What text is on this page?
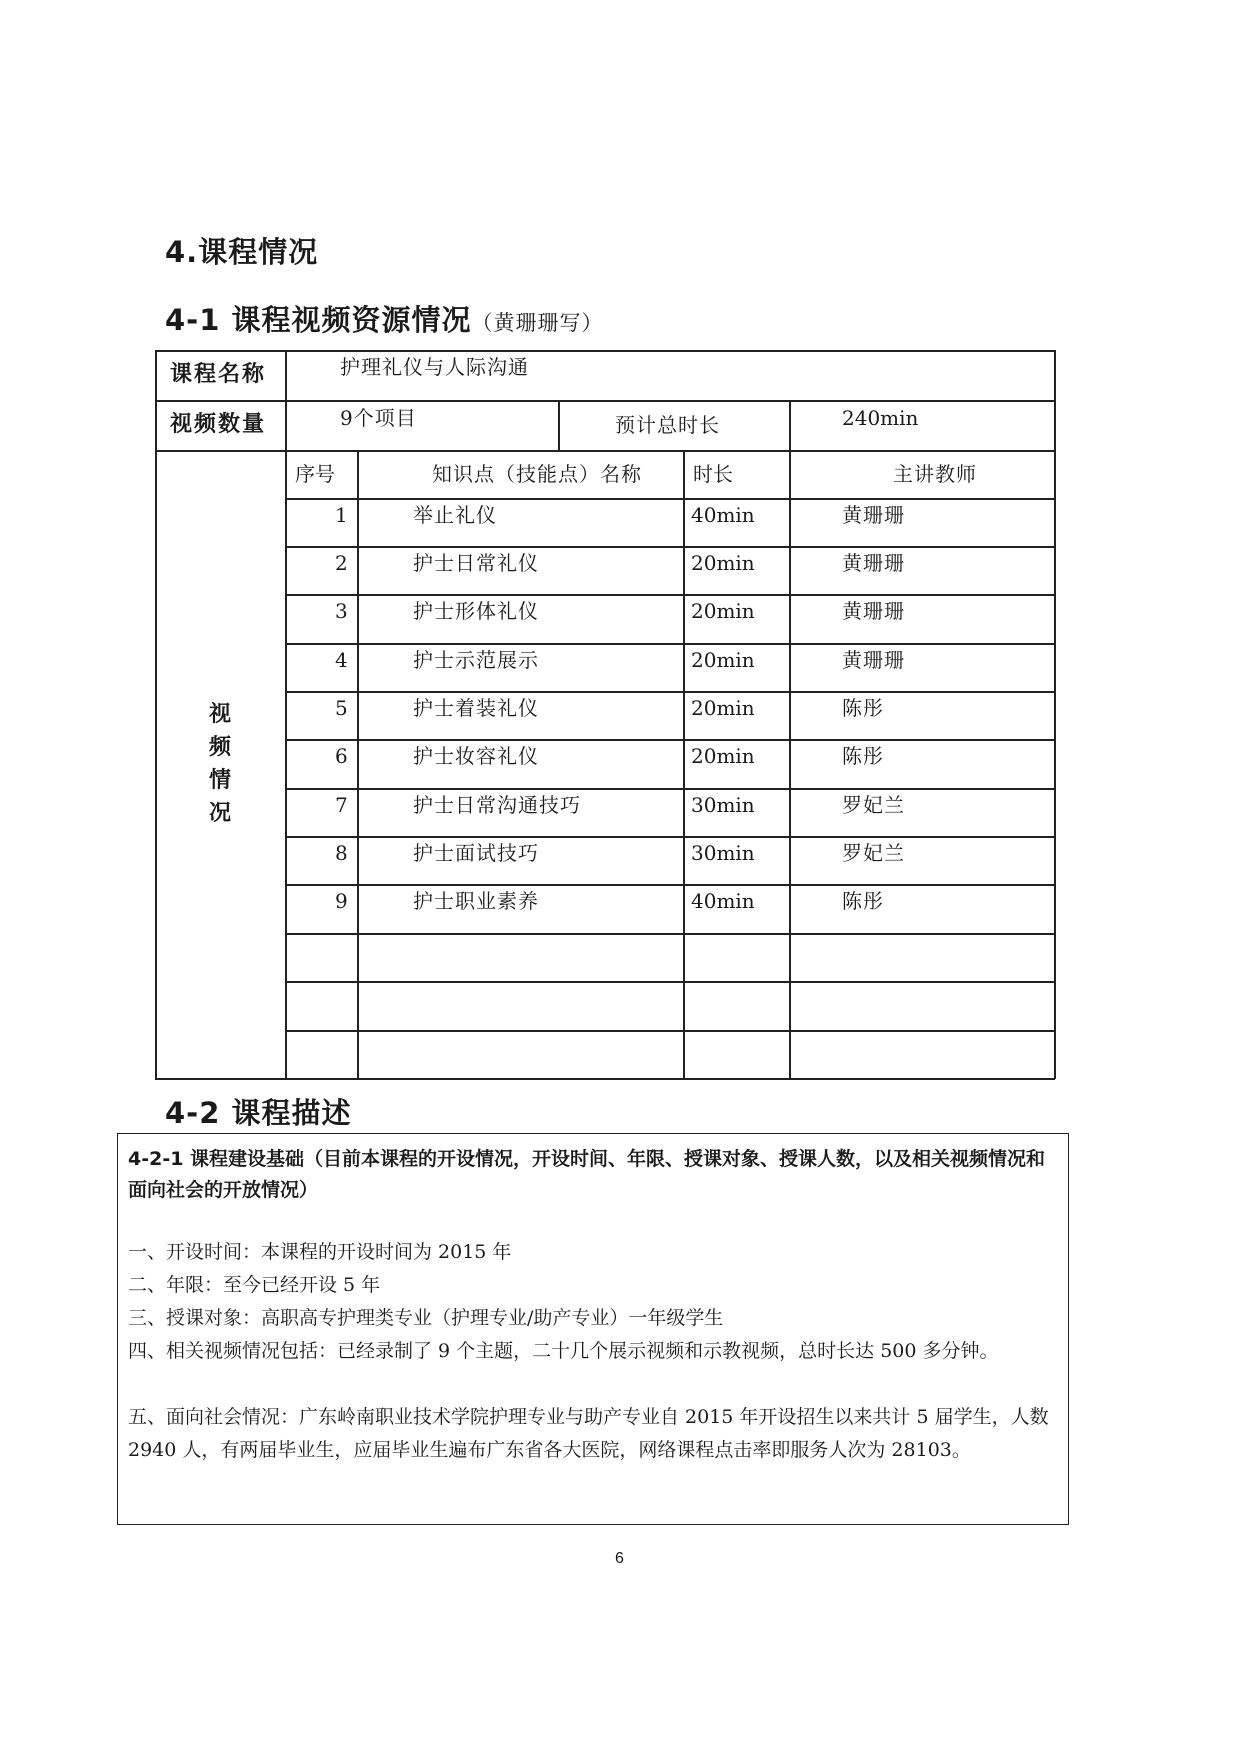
4.课程情况
4-1 课程视频资源情况（黄珊珊写）
课程名称	护理礼仪与人际沟通
视频数量	9个项目	预计总时长	240min
视
频
情
况
序号	知识点（技能点）名称	时长	主讲教师
1	举止礼仪	40min	黄珊珊
2	护士日常礼仪	20min	黄珊珊
3	护士形体礼仪	20min	黄珊珊
4	护士示范展示	20min	黄珊珊
5	护士着装礼仪	20min	陈彤
6	护士妆容礼仪	20min	陈彤
7	护士日常沟通技巧	30min	罗妃兰
8	护士面试技巧	30min	罗妃兰
9	护士职业素养	40min	陈彤
4-2 课程描述
4-2-1 课程建设基础（目前本课程的开设情况，开设时间、年限、授课对象、授课人数，以及相关视频情况和面向社会的开放情况）
一、开设时间：本课程的开设时间为 2015 年
二、年限：至今已经开设 5 年
三、授课对象：高职高专护理类专业（护理专业/助产专业）一年级学生
四、相关视频情况包括：已经录制了 9 个主题，二十几个展示视频和示教视频，总时长达 500 多分钟。
五、面向社会情况：广东岭南职业技术学院护理专业与助产专业自 2015 年开设招生以来共计 5 届学生，人数 2940 人，有两届毕业生，应届毕业生遍布广东省各大医院，网络课程点击率即服务人次为 28103。
6
